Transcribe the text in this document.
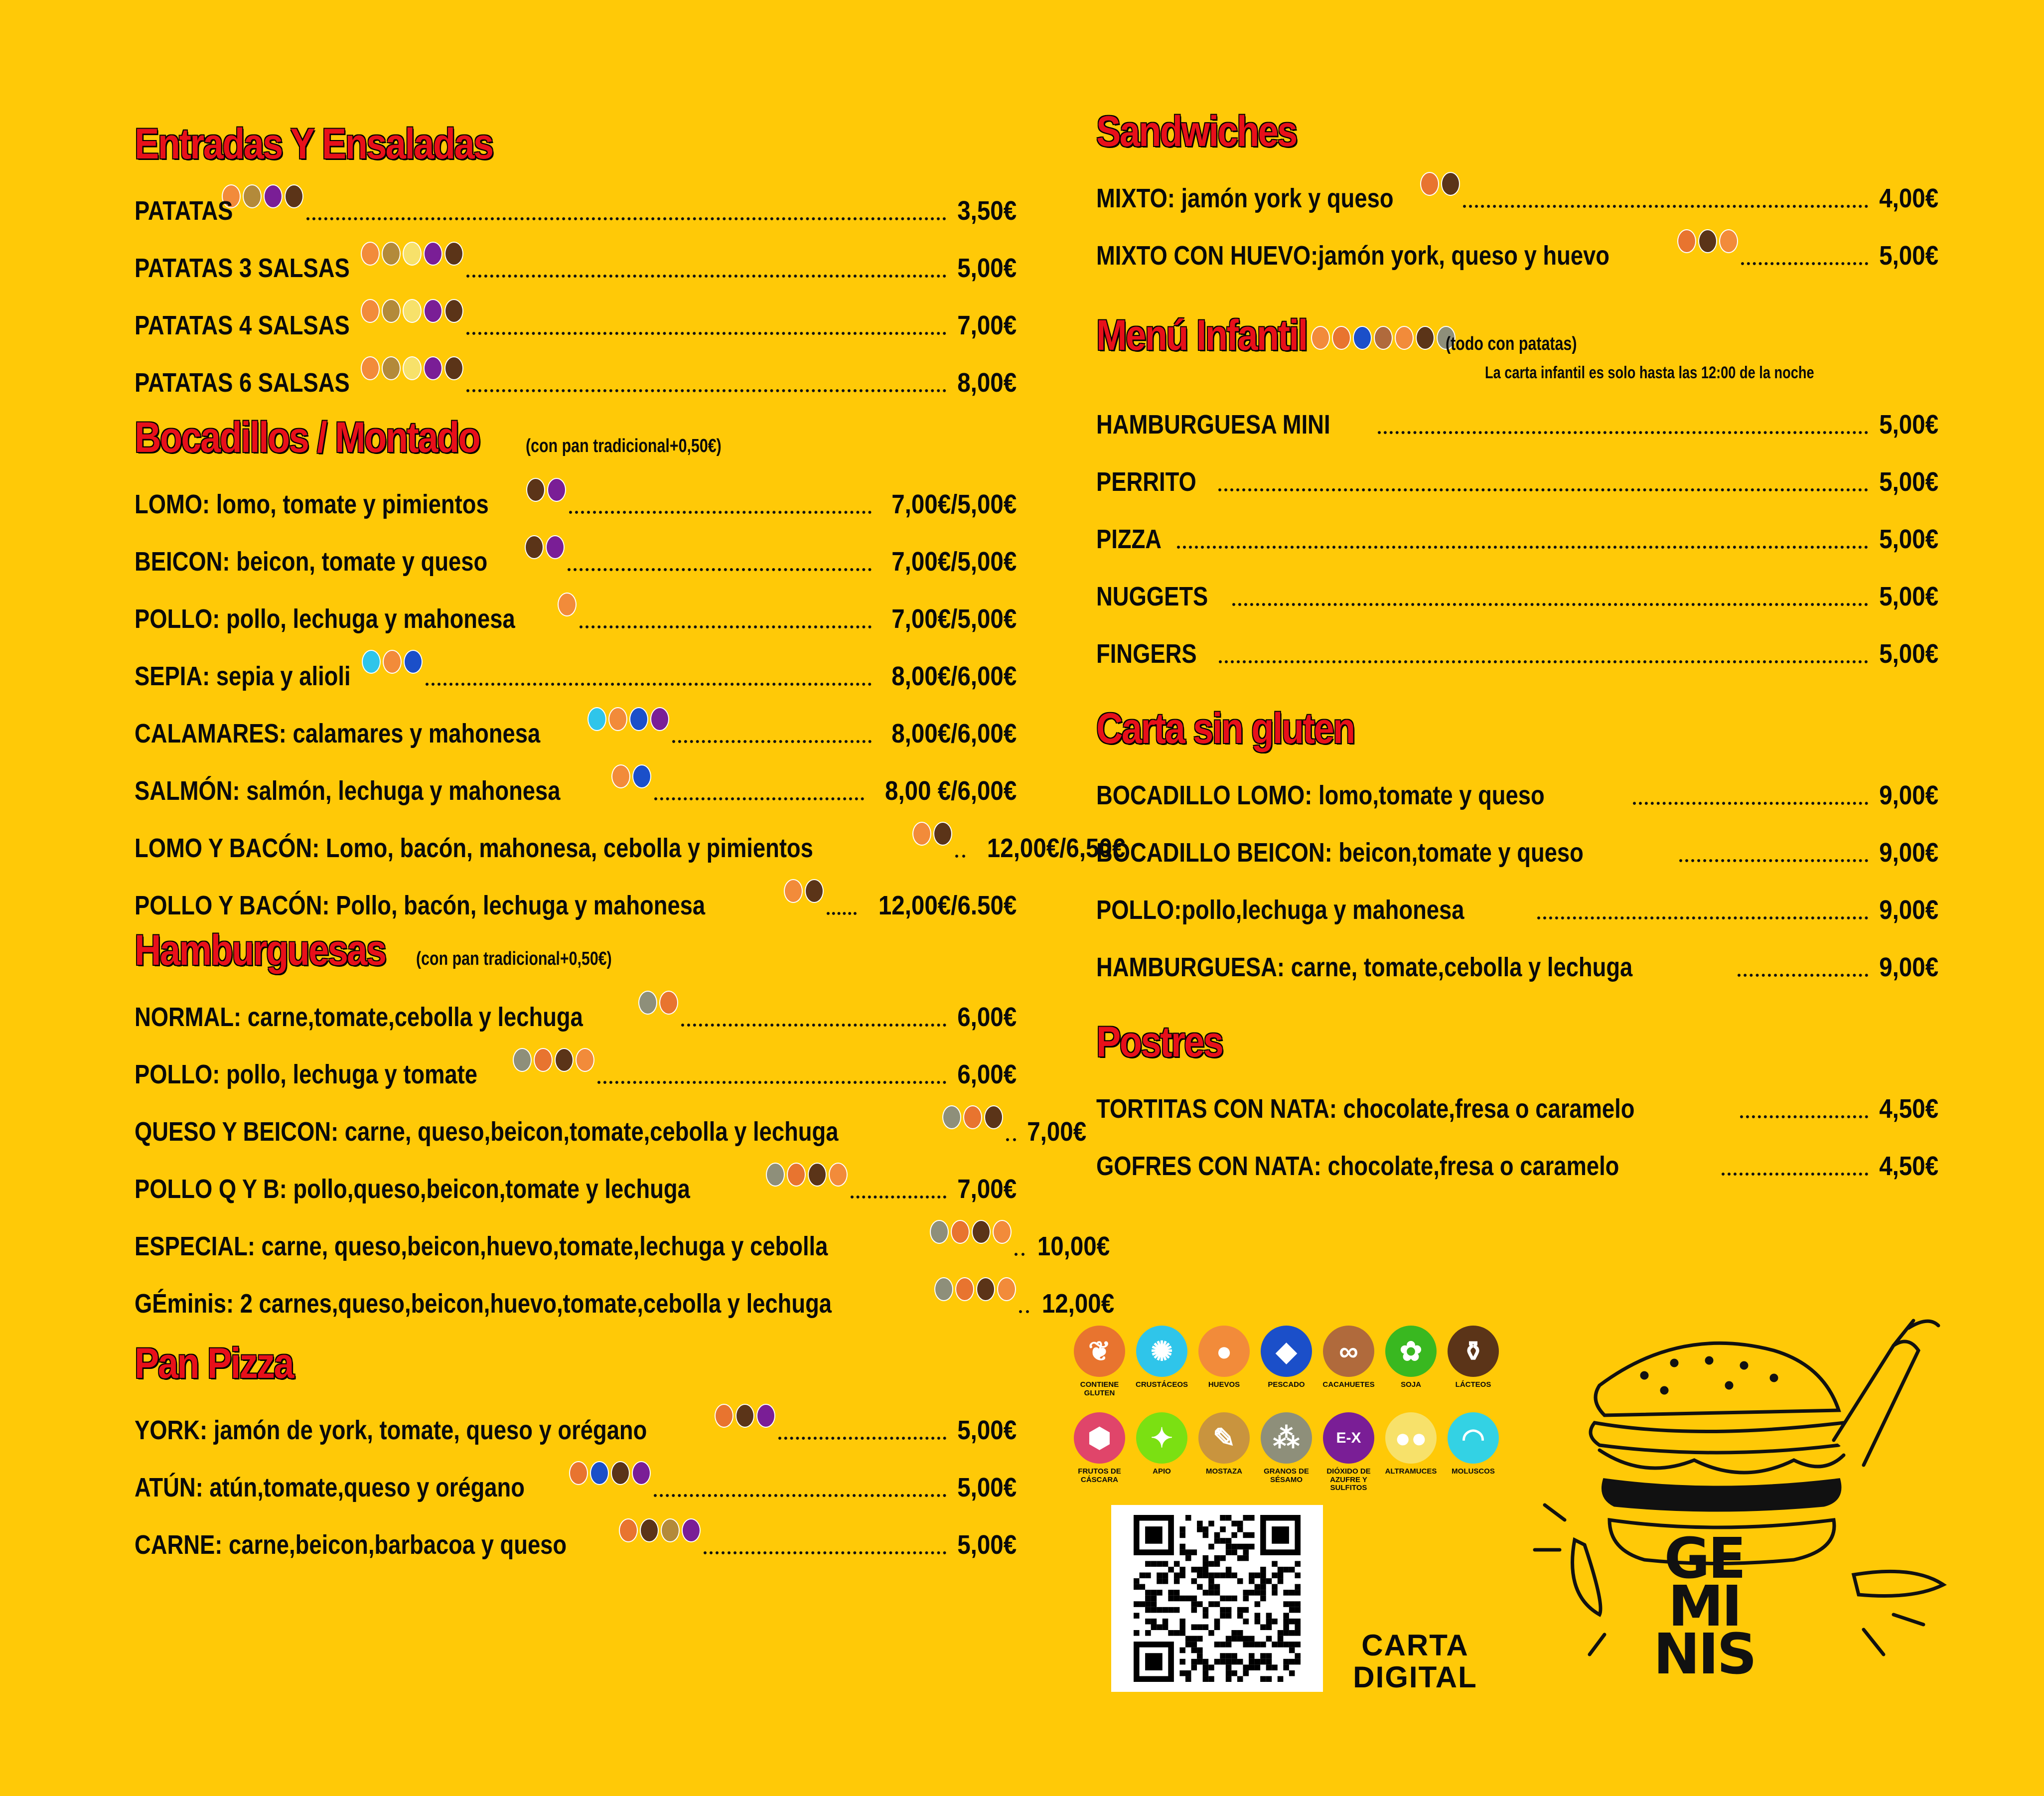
Entradas Y Ensaladas
PATATAS	3,50€
PATATAS 3 SALSAS	5,00€
PATATAS 4 SALSAS	7,00€
PATATAS 6 SALSAS	8,00€
Bocadillos / Montado (con pan tradicional+0,50€)
LOMO: lomo, tomate y pimientos	7,00€/5,00€
BEICON: beicon, tomate y queso	7,00€/5,00€
POLLO: pollo, lechuga y mahonesa	7,00€/5,00€
SEPIA: sepia y alioli	8,00€/6,00€
CALAMARES: calamares y mahonesa	8,00€/6,00€
SALMÓN: salmón, lechuga y mahonesa	8,00 €/6,00€
LOMO Y BACÓN: Lomo, bacón, mahonesa, cebolla y pimientos	12,00€/6,50€
POLLO Y BACÓN: Pollo, bacón, lechuga y mahonesa	12,00€/6.50€
Hamburguesas (con pan tradicional+0,50€)
NORMAL: carne,tomate,cebolla y lechuga	6,00€
POLLO: pollo, lechuga y tomate	6,00€
QUESO Y BEICON: carne, queso,beicon,tomate,cebolla y lechuga	7,00€
POLLO Q Y B: pollo,queso,beicon,tomate y lechuga	7,00€
ESPECIAL: carne, queso,beicon,huevo,tomate,lechuga y cebolla	10,00€
GÉminis: 2 carnes,queso,beicon,huevo,tomate,cebolla y lechuga	12,00€
Pan Pizza
YORK: jamón de york, tomate, queso y orégano	5,00€
ATÚN: atún,tomate,queso y orégano	5,00€
CARNE: carne,beicon,barbacoa y queso	5,00€
Sandwiches
MIXTO: jamón york y queso	4,00€
MIXTO CON HUEVO:jamón york, queso y huevo	5,00€
Menú Infantil	(todo con patatas)
La carta infantil es solo hasta las 12:00 de la noche
HAMBURGUESA MINI	5,00€
PERRITO	5,00€
PIZZA	5,00€
NUGGETS	5,00€
FINGERS	5,00€
Carta sin gluten
BOCADILLO LOMO: lomo,tomate y queso	9,00€
BOCADILLO BEICON: beicon,tomate y queso	9,00€
POLLO:pollo,lechuga y mahonesa	9,00€
HAMBURGUESA: carne, tomate,cebolla y lechuga	9,00€
Postres
TORTITAS CON NATA: chocolate,fresa o caramelo	4,50€
GOFRES CON NATA: chocolate,fresa o caramelo	4,50€
❦
CONTIENE GLUTEN
✺
CRUSTÁCEOS
●
HUEVOS
◆
PESCADO
∞
CACAHUETES
✿
SOJA
⚱
LÁCTEOS
⬢
FRUTOS DE CÁSCARA
✦
APIO
✎
MOSTAZA
⁂
GRANOS DE SÉSAMO
E-X
DIÓXIDO DE AZUFRE Y SULFITOS
●●
ALTRAMUCES
◠
MOLUSCOS
CARTA DIGITAL
GE
MI
NIS
